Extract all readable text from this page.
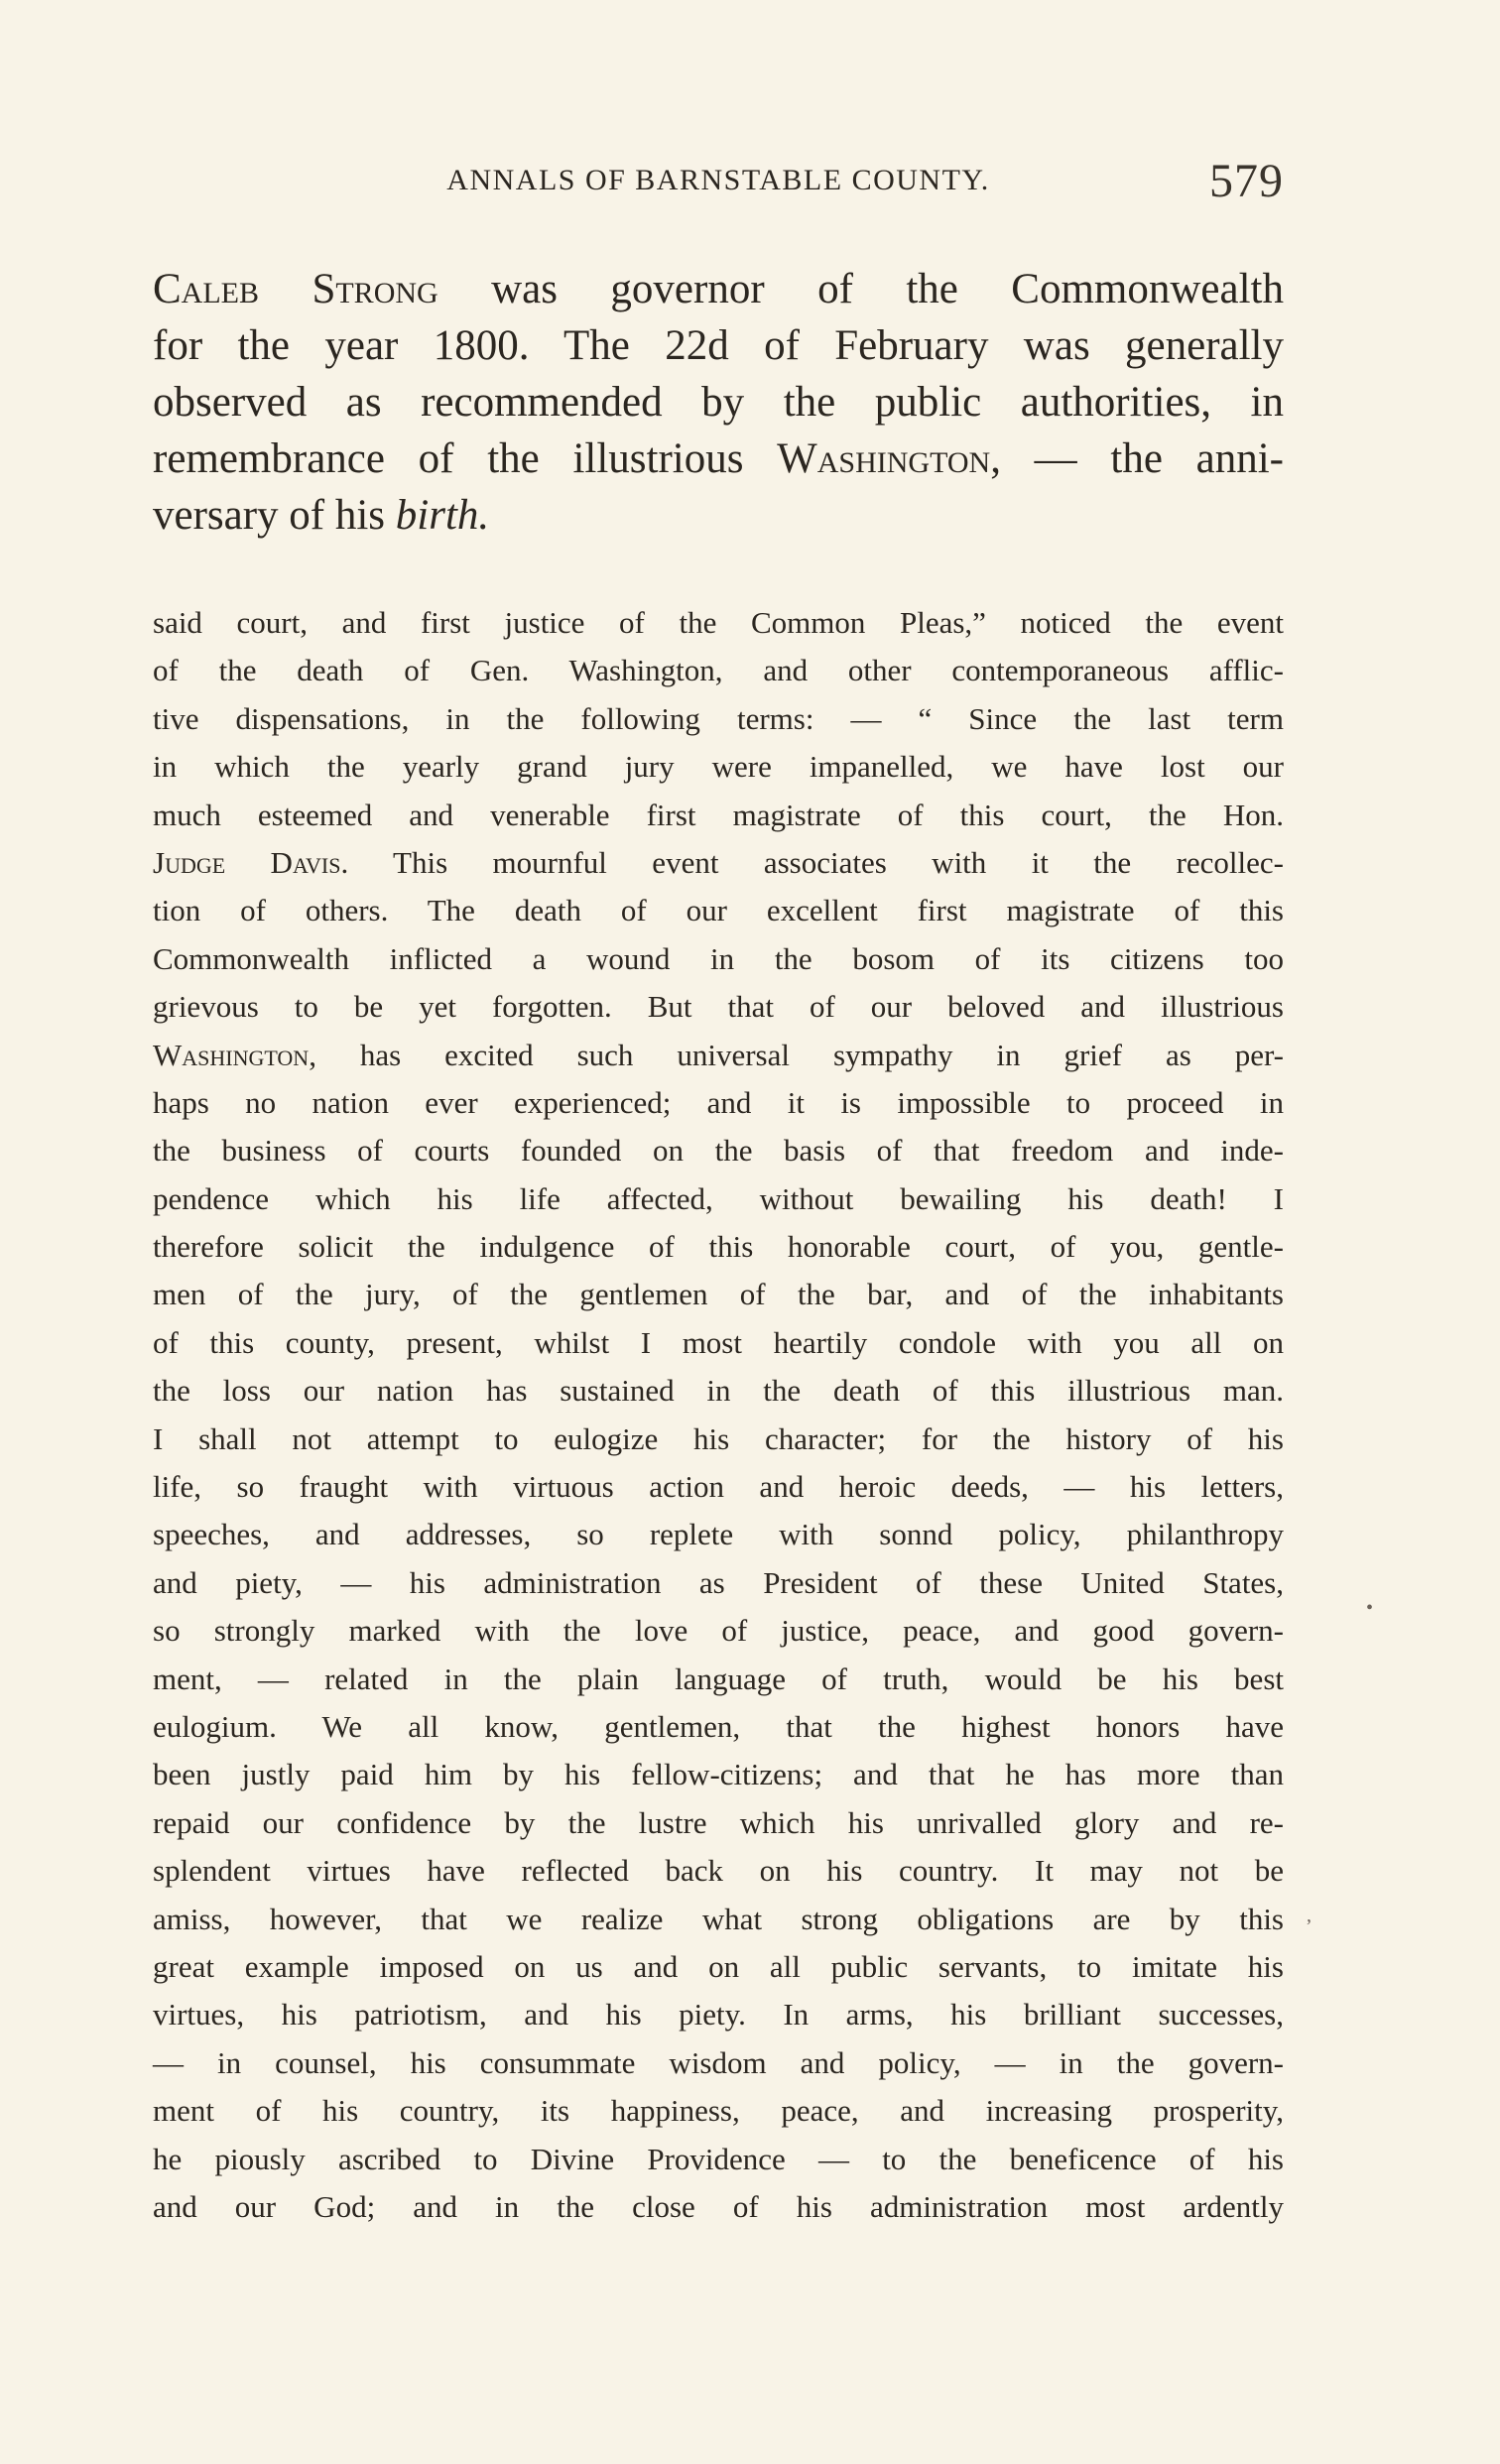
ANNALS OF BARNSTABLE COUNTY.	579
Caleb Strong was governor of the Commonwealth
for the year 1800. The 22d of February was generally
observed as recommended by the public authorities, in
remembrance of the illustrious Washington, — the anni-
versary of his birth.
said court, and first justice of the Common Pleas,” noticed the event
of the death of Gen. Washington, and other contemporaneous afflic-
tive dispensations, in the following terms: — “ Since the last term
in which the yearly grand jury were impanelled, we have lost our
much esteemed and venerable first magistrate of this court, the Hon.
Judge Davis. This mournful event associates with it the recollec-
tion of others. The death of our excellent first magistrate of this
Commonwealth inflicted a wound in the bosom of its citizens too
grievous to be yet forgotten. But that of our beloved and illustrious
Washington, has excited such universal sympathy in grief as per-
haps no nation ever experienced; and it is impossible to proceed in
the business of courts founded on the basis of that freedom and inde-
pendence which his life affected, without bewailing his death! I
therefore solicit the indulgence of this honorable court, of you, gentle-
men of the jury, of the gentlemen of the bar, and of the inhabitants
of this county, present, whilst I most heartily condole with you all on
the loss our nation has sustained in the death of this illustrious man.
I shall not attempt to eulogize his character; for the history of his
life, so fraught with virtuous action and heroic deeds, — his letters,
speeches, and addresses, so replete with sonnd policy, philanthropy
and piety, — his administration as President of these United States,
so strongly marked with the love of justice, peace, and good govern-
ment, — related in the plain language of truth, would be his best
eulogium. We all know, gentlemen, that the highest honors have
been justly paid him by his fellow-citizens; and that he has more than
repaid our confidence by the lustre which his unrivalled glory and re-
splendent virtues have reflected back on his country. It may not be
amiss, however, that we realize what strong obligations are by this
great example imposed on us and on all public servants, to imitate his
virtues, his patriotism, and his piety. In arms, his brilliant successes,
— in counsel, his consummate wisdom and policy, — in the govern-
ment of his country, its happiness, peace, and increasing prosperity,
he piously ascribed to Divine Providence — to the beneficence of his
and our God; and in the close of his administration most ardently
•
,
